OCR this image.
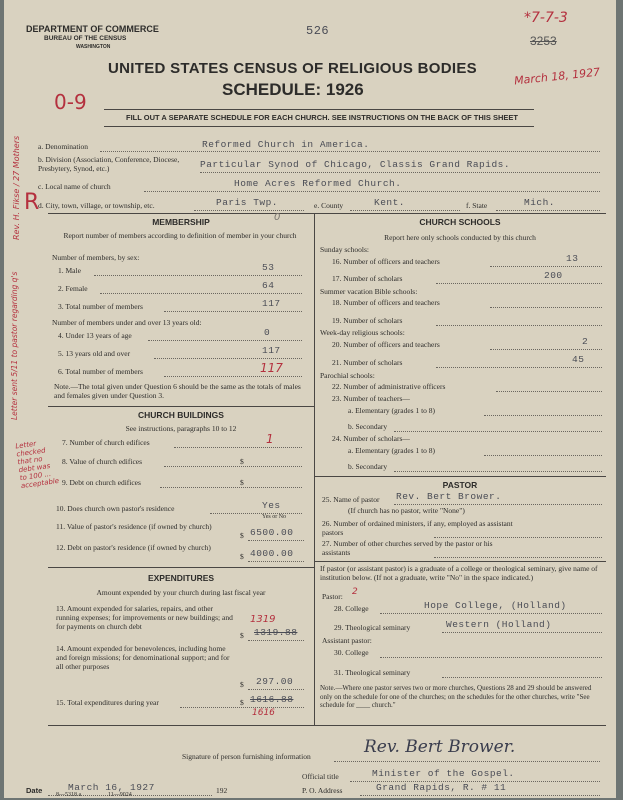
DEPARTMENT OF COMMERCE
BUREAU OF THE CENSUS
WASHINGTON
526
*7-7-3
3253
UNITED STATES CENSUS OF RELIGIOUS BODIES
SCHEDULE: 1926
March 18, 1927
0-9
FILL OUT A SEPARATE SCHEDULE FOR EACH CHURCH. SEE INSTRUCTIONS ON THE BACK OF THIS SHEET
a. Denomination	Reformed Church in America.
b. Division (Association, Conference, Diocese, Presbytery, Synod, etc.)	Particular Synod of Chicago, Classis Grand Rapids.
c. Local name of church	Home Acres Reformed Church.
d. City, town, village, or township, etc.	Paris Twp.	e. County	Kent.	f. State	Mich.
MEMBERSHIP
Report number of members according to definition of member in your church
Number of members, by sex:
1. Male	53
2. Female	64
3. Total number of members	117
Number of members under and over 13 years old:
4. Under 13 years of age	0
5. 13 years old and over	117
6. Total number of members	117
Note.—The total given under Question 6 should be the same as the totals of males and females given under Question 3.
CHURCH BUILDINGS
See instructions, paragraphs 10 to 12
7. Number of church edifices	1
8. Value of church edifices	$
9. Debt on church edifices	$
10. Does church own pastor's residence	Yes
Yes or No
11. Value of pastor's residence (if owned by church)
$ 6500.00
12. Debt on pastor's residence (if owned by church)
$ 4000.00
EXPENDITURES
Amount expended by your church during last fiscal year
13. Amount expended for salaries, repairs, and other running expenses; for improvements or new buildings; and for payments on church debt
$ 1319.88
1319
14. Amount expended for benevolences, including home and foreign missions; for denominational support; and for all other purposes
$ 297.00
15. Total expenditures during year	$ 1616.88
1616
CHURCH SCHOOLS
Report here only schools conducted by this church
Sunday schools:
16. Number of officers and teachers	13
17. Number of scholars	200
Summer vacation Bible schools:
18. Number of officers and teachers
19. Number of scholars
Week-day religious schools:
20. Number of officers and teachers	2
21. Number of scholars	45
Parochial schools:
22. Number of administrative officers
23. Number of teachers—
a. Elementary (grades 1 to 8)
b. Secondary
24. Number of scholars—
a. Elementary (grades 1 to 8)
b. Secondary
PASTOR
25. Name of pastor Rev. Bert Brower.
(If church has no pastor, write "None")
26. Number of ordained ministers, if any, employed as assistant pastors
27. Number of other churches served by the pastor or his assistants
If pastor (or assistant pastor) is a graduate of a college or theological seminary, give name of institution below. (If not a graduate, write "No" in the space indicated.)
Pastor: 2
28. College	Hope College, (Holland)
29. Theological seminary	Western (Holland)
Assistant pastor:
30. College
31. Theological seminary
Note.—Where one pastor serves two or more churches, Questions 28 and 29 should be answered only on the schedule for one of the churches; on the schedules for the other churches, write "See schedule for ____ church."
Signature of person furnishing information	Rev. Bert Brower.
Official title	Minister of the Gospel.
Date	March 16, 1927	192	P. O. Address	Grand Rapids, R. # 11
8—5318 a	11—9024
Rev. H. Fikse / 27 Mothers R
Letter sent 5/11 to pastor regarding q's
Letter checked that no debt was to 100 ... acceptable
0
